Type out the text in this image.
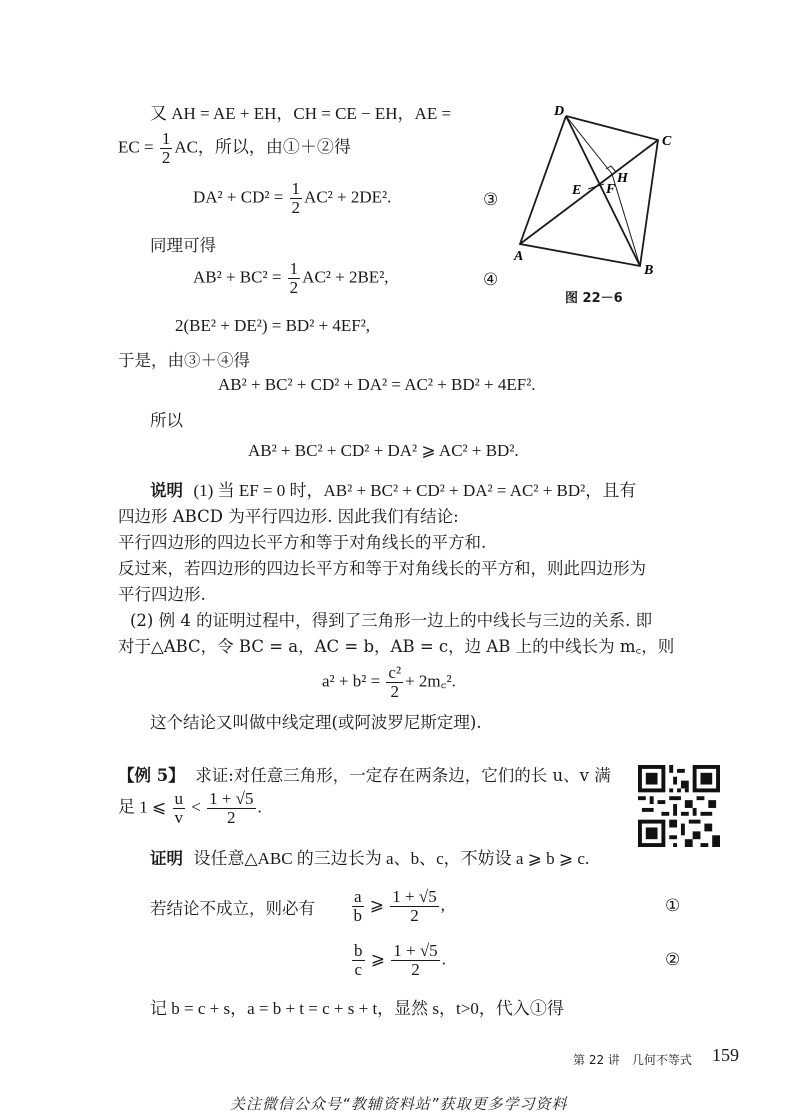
D
C
H
F
E
A
B
图 22－6
又 AH = AE + EH，CH = CE − EH，AE =
EC = $\frac{1}{2}$ AC，所以，由①＋②得
$DA^2 + CD^2 = \frac{1}{2} AC^2 + 2DE^2$.	③
同理可得
$AB^2 + BC^2 = \frac{1}{2} AC^2 + 2BE^2$,	④
2(BE² + DE²) = BD² + 4EF²,
于是，由③＋④得
AB² + BC² + CD² + DA² = AC² + BD² + 4EF².
所以
AB² + BC² + CD² + DA² ⩾ AC² + BD².
说明 (1) 当 EF = 0 时，AB² + BC² + CD² + DA² = AC² + BD²，且有
四边形 ABCD 为平行四边形. 因此我们有结论:
平行四边形的四边长平方和等于对角线长的平方和.
反过来，若四边形的四边长平方和等于对角线长的平方和，则此四边形为
平行四边形.
(2) 例 4 的证明过程中，得到了三角形一边上的中线长与三边的关系. 即
对于△ABC，令 BC = a，AC = b，AB = c，边 AB 上的中线长为 m꜀，则
$a^2 + b^2 = \frac{\text{c²}}{2}$ + 2m꜀².
这个结论又叫做中线定理(或阿波罗尼斯定理).
【例 5】 求证:对任意三角形，一定存在两条边，它们的长 u、v 满
足 1 ⩽ $\frac{u}{v} < \frac{1 + √5}{2}$ .
证明 设任意△ABC 的三边长为 a、b、c，不妨设 a ⩾ b ⩾ c.
若结论不成立，则必有 $\frac{a}{b}$ ⩾ $\frac{1 + √5}{2}$ ,	①
$\frac{b}{c}$ ⩾ $\frac{1 + √5}{2}$ .	②
记 b = c + s，a = b + t = c + s + t，显然 s，t>0，代入①得
第 22 讲　几何不等式 159
关注微信公众号“教辅资料站”获取更多学习资料
